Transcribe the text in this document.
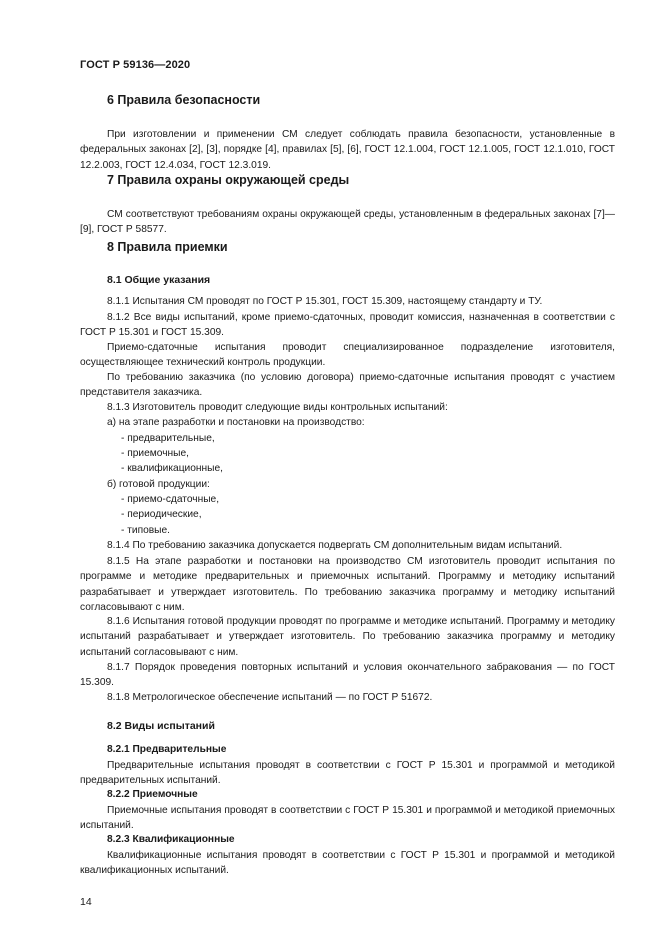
ГОСТ Р 59136—2020
6 Правила безопасности

При изготовлении и применении СМ следует соблюдать правила безопасности, установленные в федеральных законах [2], [3], порядке [4], правилах [5], [6], ГОСТ 12.1.004, ГОСТ 12.1.005, ГОСТ 12.1.010, ГОСТ 12.2.003, ГОСТ 12.4.034, ГОСТ 12.3.019.

7 Правила охраны окружающей среды

СМ соответствуют требованиям охраны окружающей среды, установленным в федеральных законах [7]—[9], ГОСТ Р 58577.

8 Правила приемки
8.1 Общие указания

8.1.1 Испытания СМ проводят по ГОСТ Р 15.301, ГОСТ 15.309, настоящему стандарту и ТУ.

8.1.2 Все виды испытаний, кроме приемо-сдаточных, проводит комиссия, назначенная в соответствии с ГОСТ Р 15.301 и ГОСТ 15.309.

Приемо-сдаточные испытания проводит специализированное подразделение изготовителя, осуществляющее технический контроль продукции.

По требованию заказчика (по условию договора) приемо-сдаточные испытания проводят с участием представителя заказчика.

8.1.3 Изготовитель проводит следующие виды контрольных испытаний:

а) на этапе разработки и постановки на производство:
- предварительные,
- приемочные,
- квалификационные,
б) готовой продукции:
- приемо-сдаточные,
- периодические,
- типовые.

8.1.4 По требованию заказчика допускается подвергать СМ дополнительным видам испытаний.

8.1.5 На этапе разработки и постановки на производство СМ изготовитель проводит испытания по программе и методике предварительных и приемочных испытаний. Программу и методику испытаний разрабатывает и утверждает изготовитель. По требованию заказчика программу и методику испытаний согласовывают с ним.

8.1.6 Испытания готовой продукции проводят по программе и методике испытаний. Программу и методику испытаний разрабатывает и утверждает изготовитель. По требованию заказчика программу и методику испытаний согласовывают с ним.

8.1.7 Порядок проведения повторных испытаний и условия окончательного забракования — по ГОСТ 15.309.

8.1.8 Метрологическое обеспечение испытаний — по ГОСТ Р 51672.

8.2 Виды испытаний
8.2.1 Предварительные

Предварительные испытания проводят в соответствии с ГОСТ Р 15.301 и программой и методикой предварительных испытаний.

8.2.2 Приемочные

Приемочные испытания проводят в соответствии с ГОСТ Р 15.301 и программой и методикой приемочных испытаний.

8.2.3 Квалификационные

Квалификационные испытания проводят в соответствии с ГОСТ Р 15.301 и программой и методикой квалификационных испытаний.

14
